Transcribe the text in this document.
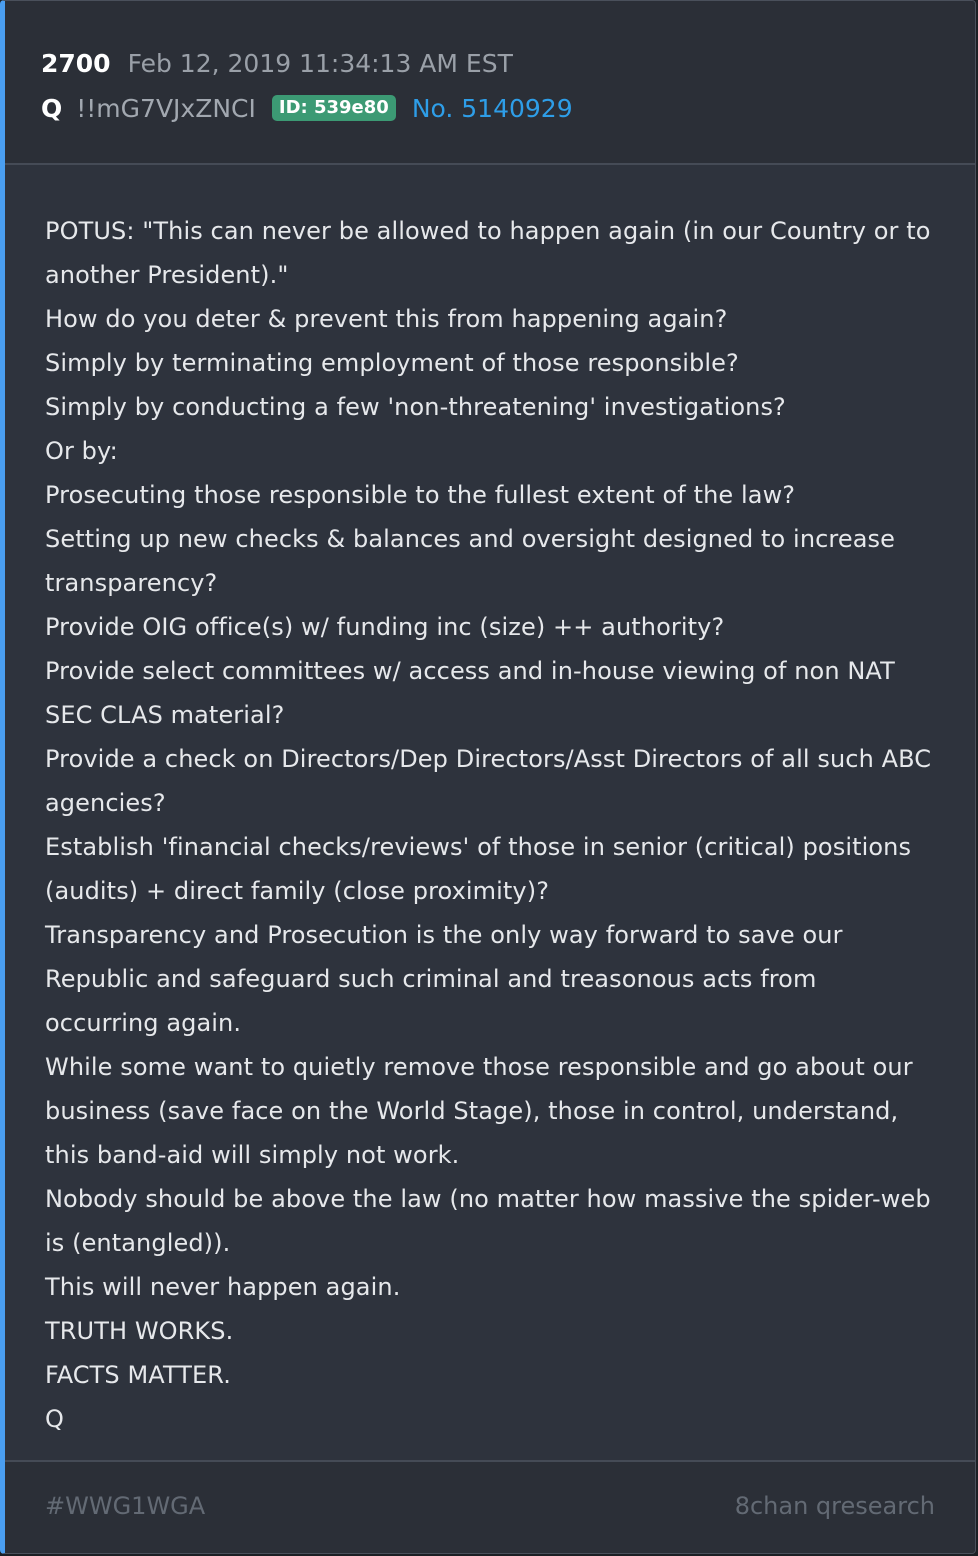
2700 Feb 12, 2019 11:34:13 AM EST
Q !!mG7VJxZNCI	ID: 539e80 No. 5140929
POTUS: "This can never be allowed to happen again (in our Country or to
another President)."
How do you deter & prevent this from happening again?
Simply by terminating employment of those responsible?
Simply by conducting a few 'non-threatening' investigations?
Or by:
Prosecuting those responsible to the fullest extent of the law?
Setting up new checks & balances and oversight designed to increase
transparency?
Provide OIG office(s) w/ funding inc (size) ++ authority?
Provide select committees w/ access and in-house viewing of non NAT
SEC CLAS material?
Provide a check on Directors/Dep Directors/Asst Directors of all such ABC
agencies?
Establish 'financial checks/reviews' of those in senior (critical) positions
(audits) + direct family (close proximity)?
Transparency and Prosecution is the only way forward to save our
Republic and safeguard such criminal and treasonous acts from
occurring again.
While some want to quietly remove those responsible and go about our
business (save face on the World Stage), those in control, understand,
this band-aid will simply not work.
Nobody should be above the law (no matter how massive the spider-web
is (entangled)).
This will never happen again.
TRUTH WORKS.
FACTS MATTER.
Q
#WWG1WGA	8chan qresearch
